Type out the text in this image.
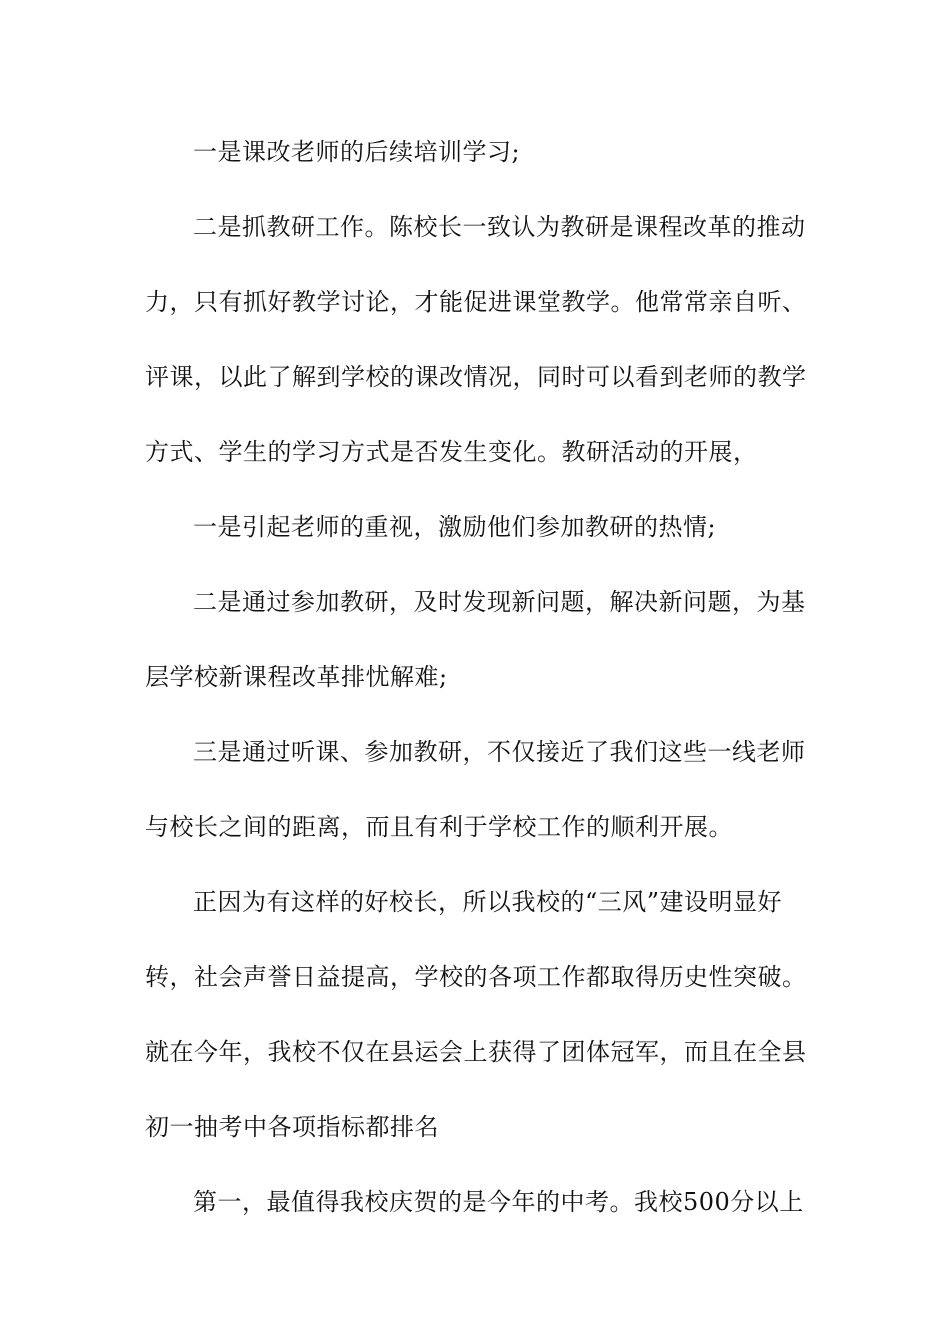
一是课改老师的后续培训学习;
二是抓教研工作。陈校长一致认为教研是课程改革的推动
力，只有抓好教学讨论，才能促进课堂教学。他常常亲自听、
评课，以此了解到学校的课改情况，同时可以看到老师的教学
方式、学生的学习方式是否发生变化。教研活动的开展，
一是引起老师的重视，激励他们参加教研的热情;
二是通过参加教研，及时发现新问题，解决新问题，为基
层学校新课程改革排忧解难;
三是通过听课、参加教研，不仅接近了我们这些一线老师
与校长之间的距离，而且有利于学校工作的顺利开展。
正因为有这样的好校长，所以我校的“三风”建设明显好
转，社会声誉日益提高，学校的各项工作都取得历史性突破。
就在今年，我校不仅在县运会上获得了团体冠军，而且在全县
初一抽考中各项指标都排名
第一，最值得我校庆贺的是今年的中考。我校500分以上
